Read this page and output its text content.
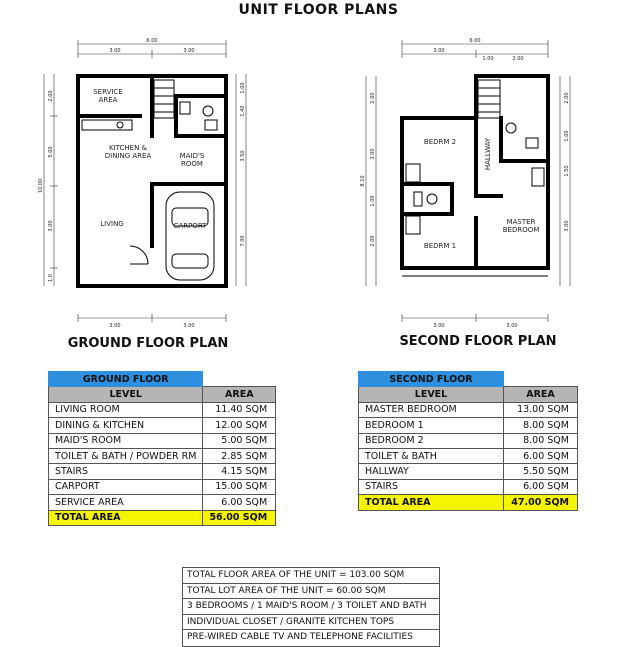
UNIT FLOOR PLANS
6.00
3.00	3.00
10.00
2.00
5.00
3.00
1.0
1.00
1.40
3.50
7.00
3.00	3.00
SERVICE
AREA
KITCHEN &
DINING AREA	MAID'S
ROOM
LIVING	CARPORT
GROUND FLOOR PLAN
6.00
3.00
1.00	2.00
8.10
2.00
3.00
1.00
2.00
2.00
1.00
1.50
3.00
3.00	3.00
BEDRM 2
BEDRM 1
HALLWAY
MASTER
BEDROOM
SECOND FLOOR PLAN
GROUND FLOOR	
LEVEL	AREA
LIVING ROOM	11.40 SQM
DINING & KITCHEN	12.00 SQM
MAID'S ROOM	5.00 SQM
TOILET & BATH / POWDER RM	2.85 SQM
STAIRS	4.15 SQM
CARPORT	15.00 SQM
SERVICE AREA	6.00 SQM
TOTAL AREA	56.00 SQM
SECOND FLOOR	
LEVEL	AREA
MASTER BEDROOM	13.00 SQM
BEDROOM 1	8.00 SQM
BEDROOM 2	8.00 SQM
TOILET & BATH	6.00 SQM
HALLWAY	5.50 SQM
STAIRS	6.00 SQM
TOTAL AREA	47.00 SQM
TOTAL FLOOR AREA OF THE UNIT = 103.00 SQM
TOTAL LOT AREA OF THE UNIT = 60.00 SQM
3 BEDROOMS / 1 MAID'S ROOM / 3 TOILET AND BATH
INDIVIDUAL CLOSET / GRANITE KITCHEN TOPS
PRE-WIRED CABLE TV AND TELEPHONE FACILITIES
